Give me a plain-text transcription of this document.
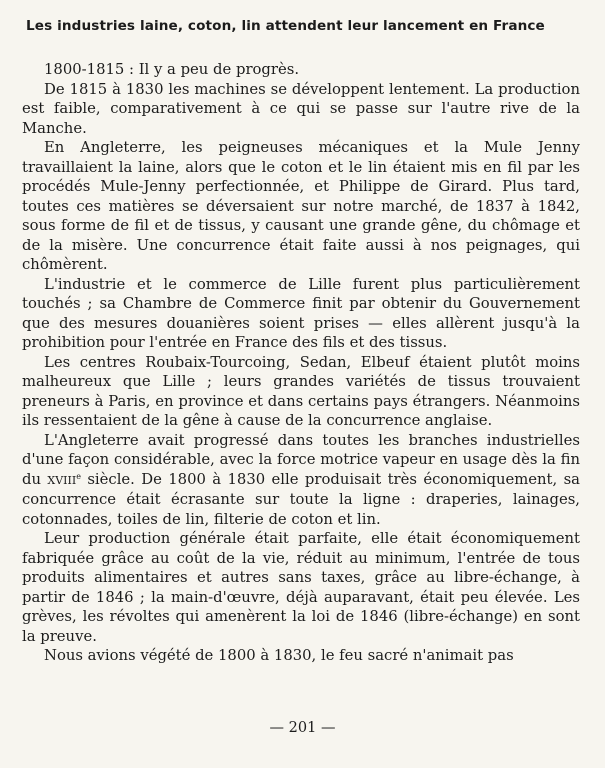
Les industries laine, coton, lin attendent leur lancement en France

1800-1815 : Il y a peu de progrès.

De 1815 à 1830 les machines se développent lentement. La production est faible, comparativement à ce qui se passe sur l'autre rive de la Manche.

En Angleterre, les peigneuses mécaniques et la Mule Jenny travaillaient la laine, alors que le coton et le lin étaient mis en fil par les procédés Mule-Jenny perfectionnée, et Philippe de Girard. Plus tard, toutes ces matières se déversaient sur notre marché, de 1837 à 1842, sous forme de fil et de tissus, y causant une grande gêne, du chômage et de la misère. Une concurrence était faite aussi à nos peignages, qui chômèrent.

L'industrie et le commerce de Lille furent plus particulièrement touchés ; sa Chambre de Commerce finit par obtenir du Gouvernement que des mesures douanières soient prises — elles allèrent jusqu'à la prohibition pour l'entrée en France des fils et des tissus.

Les centres Roubaix-Tourcoing, Sedan, Elbeuf étaient plutôt moins malheureux que Lille ; leurs grandes variétés de tissus trouvaient preneurs à Paris, en province et dans certains pays étrangers. Néanmoins ils ressentaient de la gêne à cause de la concurrence anglaise.

L'Angleterre avait progressé dans toutes les branches industrielles d'une façon considérable, avec la force motrice vapeur en usage dès la fin du XVIIIe siècle. De 1800 à 1830 elle produisait très économiquement, sa concurrence était écrasante sur toute la ligne : draperies, lainages, cotonnades, toiles de lin, filterie de coton et lin.

Leur production générale était parfaite, elle était économiquement fabriquée grâce au coût de la vie, réduit au minimum, l'entrée de tous produits alimentaires et autres sans taxes, grâce au libre-échange, à partir de 1846 ; la main-d'œuvre, déjà auparavant, était peu élevée. Les grèves, les révoltes qui amenèrent la loi de 1846 (libre-échange) en sont la preuve.

Nous avions végété de 1800 à 1830, le feu sacré n'animait pas

— 201 —
